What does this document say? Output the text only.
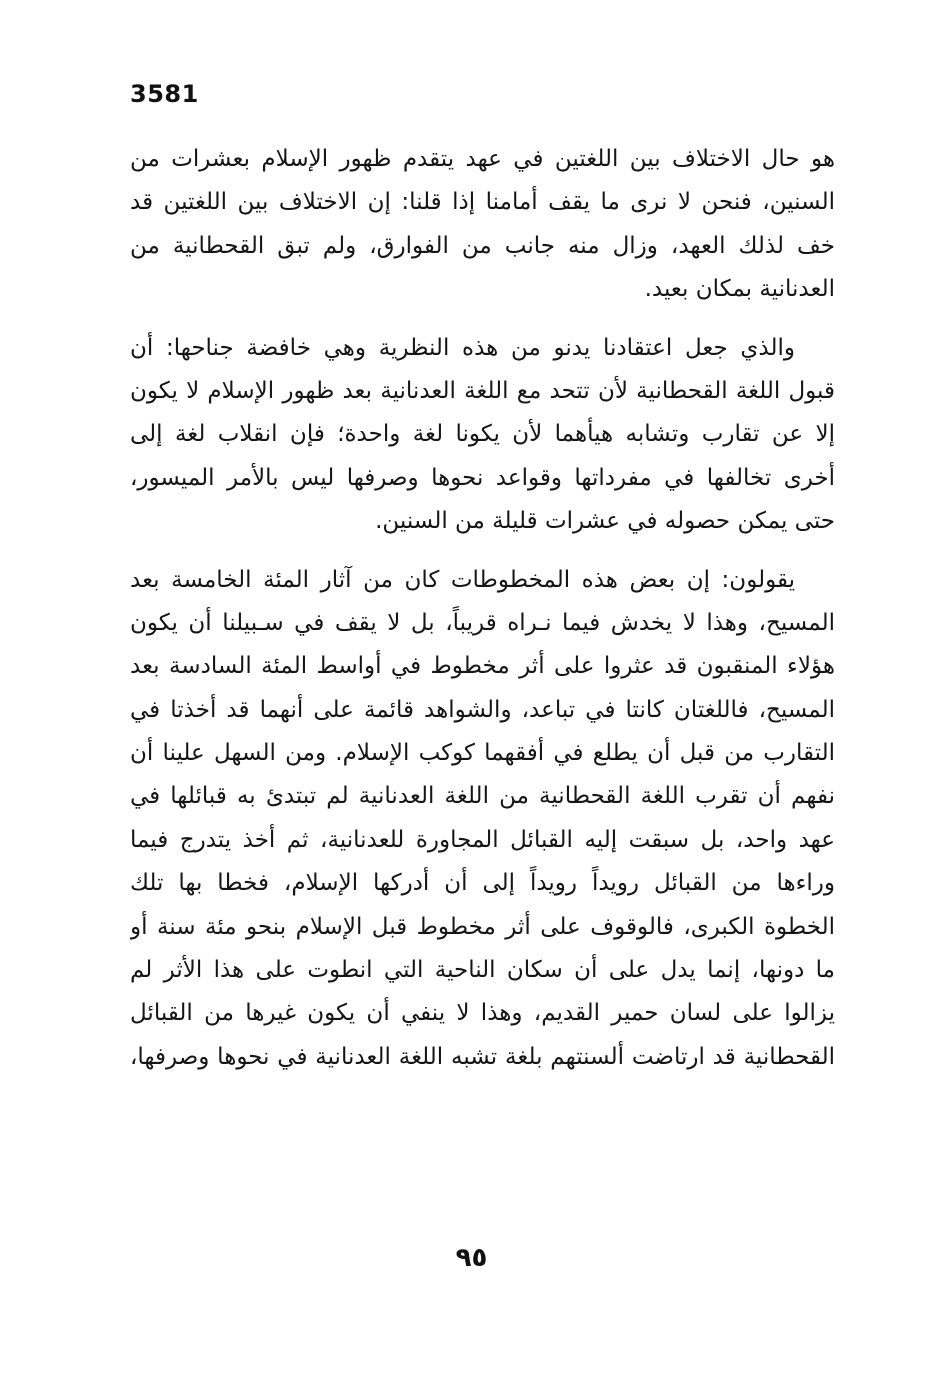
3581
هو حال الاختلاف بين اللغتين في عهد يتقدم ظهور الإسلام بعشرات من
السنين، فنحن لا نرى ما يقف أمامنا إذا قلنا: إن الاختلاف بين اللغتين قد
خف لذلك العهد، وزال منه جانب من الفوارق، ولم تبق القحطانية من
العدنانية بمكان بعيد.
والذي جعل اعتقادنا يدنو من هذه النظرية وهي خافضة جناحها: أن
قبول اللغة القحطانية لأن تتحد مع اللغة العدنانية بعد ظهور الإسلام لا يكون
إلا عن تقارب وتشابه هيأهما لأن يكونا لغة واحدة؛ فإن انقلاب لغة إلى
أخرى تخالفها في مفرداتها وقواعد نحوها وصرفها ليس بالأمر الميسور،
حتى يمكن حصوله في عشرات قليلة من السنين.
يقولون: إن بعض هذه المخطوطات كان من آثار المئة الخامسة بعد
المسيح، وهذا لا يخدش فيما نـراه قريباً، بل لا يقف في سـبيلنا أن يكون
هؤلاء المنقبون قد عثروا على أثر مخطوط في أواسط المئة السادسة بعد
المسيح، فاللغتان كانتا في تباعد، والشواهد قائمة على أنهما قد أخذتا في
التقارب من قبل أن يطلع في أفقهما كوكب الإسلام. ومن السهل علينا أن
نفهم أن تقرب اللغة القحطانية من اللغة العدنانية لم تبتدئ به قبائلها في
عهد واحد، بل سبقت إليه القبائل المجاورة للعدنانية، ثم أخذ يتدرج فيما
وراءها من القبائل رويداً رويداً إلى أن أدركها الإسلام، فخطا بها تلك
الخطوة الكبرى، فالوقوف على أثر مخطوط قبل الإسلام بنحو مئة سنة أو
ما دونها، إنما يدل على أن سكان الناحية التي انطوت على هذا الأثر لم
يزالوا على لسان حمير القديم، وهذا لا ينفي أن يكون غيرها من القبائل
القحطانية قد ارتاضت ألسنتهم بلغة تشبه اللغة العدنانية في نحوها وصرفها،
٩٥
